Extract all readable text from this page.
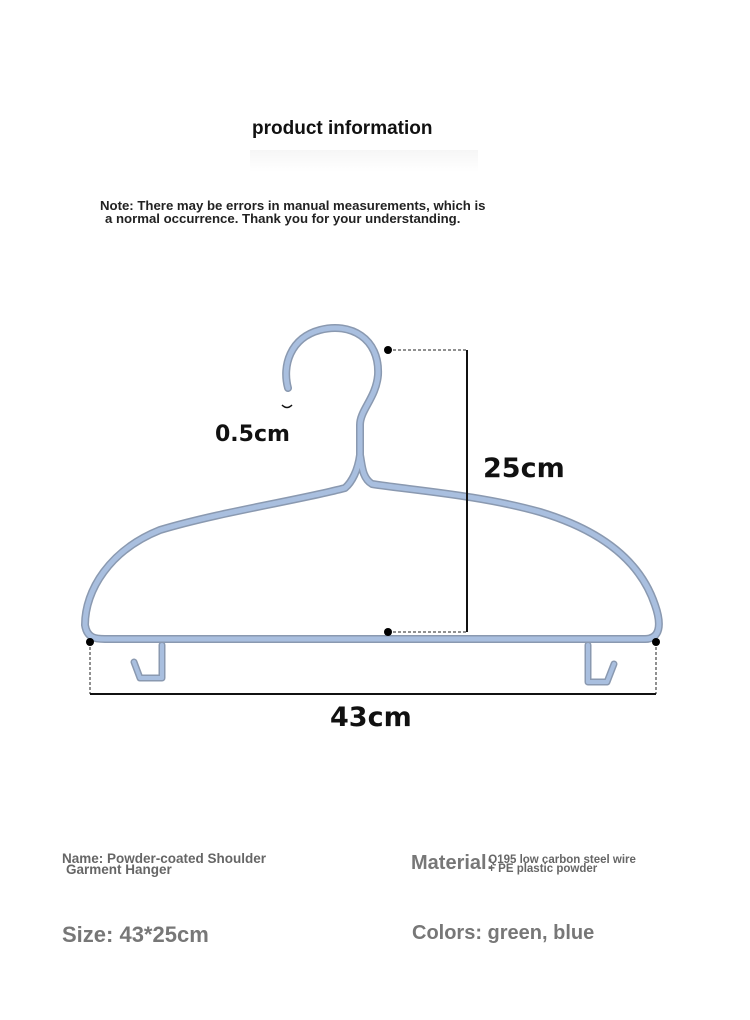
product information
Note: There may be errors in manual measurements, which is
a normal occurrence. Thank you for your understanding.
0.5cm
25cm
43cm
Name: Powder-coated Shoulder
Garment Hanger	Material:Q195 low carbon steel wire
+ PE plastic powder
Size: 43*25cm	Colors: green, blue
